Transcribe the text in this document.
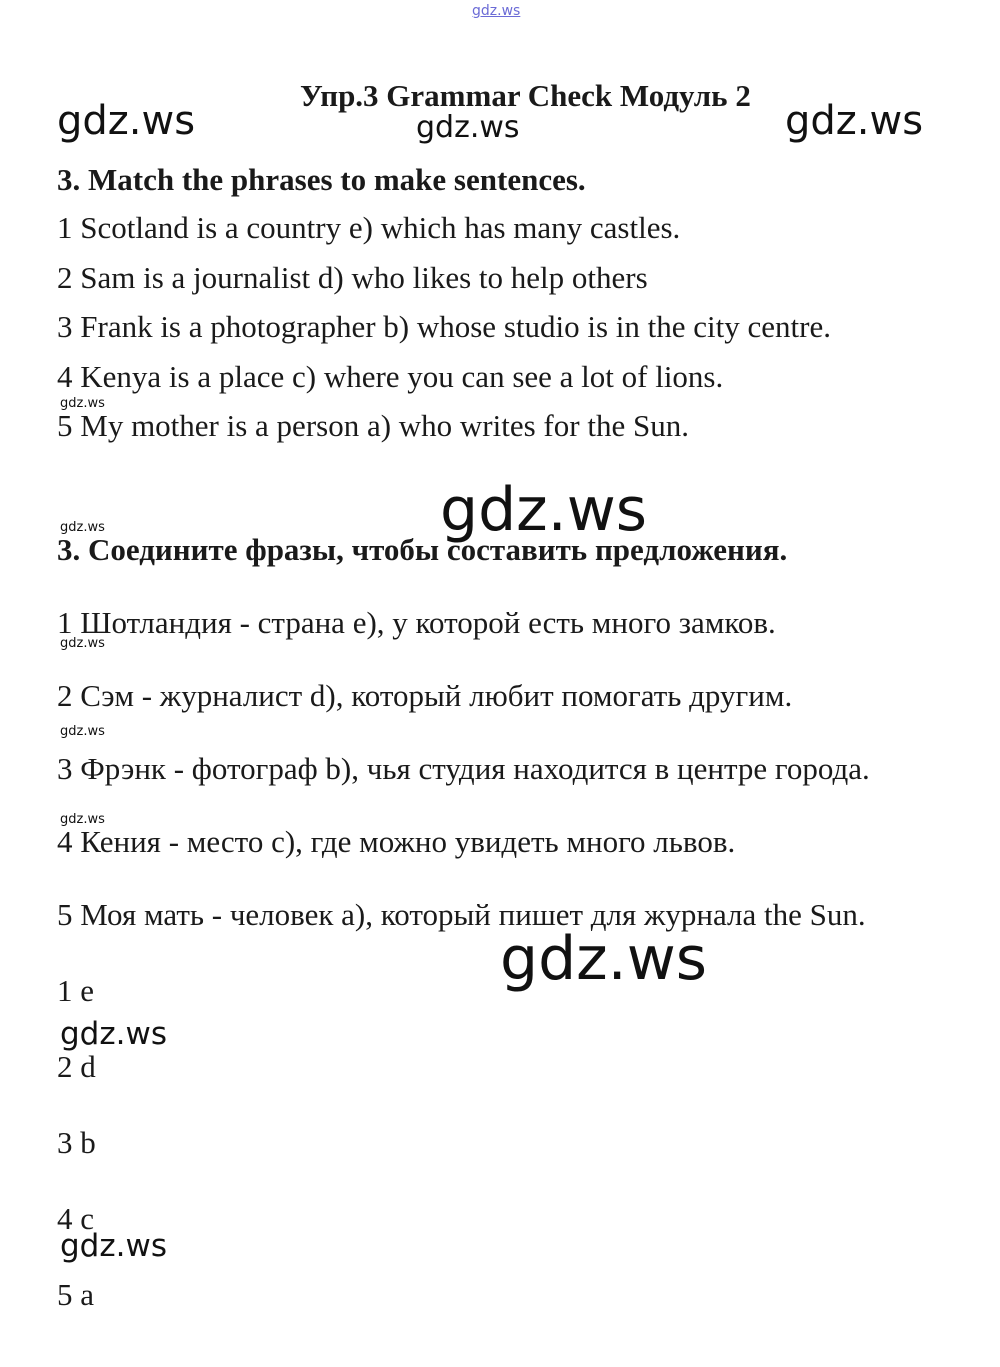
gdz.ws
gdz.ws	gdz.ws	gdz.ws
gdz.ws
gdz.ws
gdz.ws
gdz.ws
gdz.ws
gdz.ws
gdz.ws
gdz.ws
gdz.ws
Упр.3 Grammar Check Модуль 2
3. Match the phrases to make sentences.
1 Scotland is a country e) which has many castles.
2 Sam is a journalist d) who likes to help others
3 Frank is a photographer b) whose studio is in the city centre.
4 Kenya is a place c) where you can see a lot of lions.
5 My mother is a person a) who writes for the Sun.
3. Соедините фразы, чтобы составить предложения.
1 Шотландия - страна e), у которой есть много замков.
2 Сэм - журналист d), который любит помогать другим.
3 Фрэнк - фотограф b), чья студия находится в центре города.
4 Кения - место c), где можно увидеть много львов.
5 Моя мать - человек a), который пишет для журнала the Sun.
1 e
2 d
3 b
4 c
5 a
